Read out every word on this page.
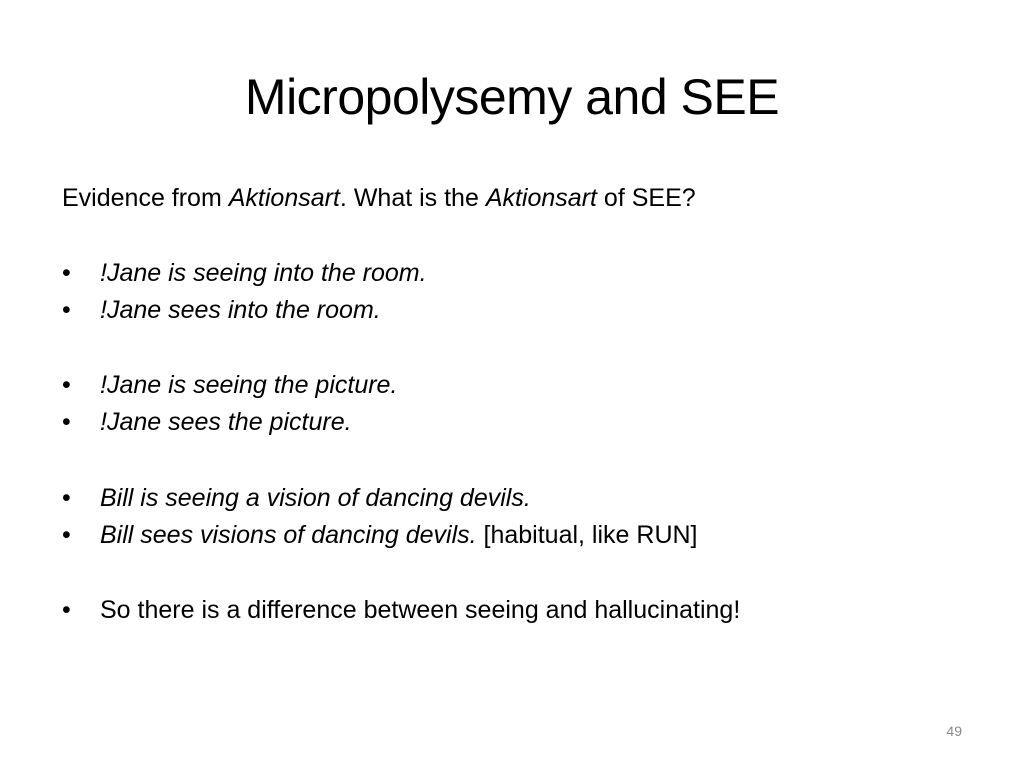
Micropolysemy and SEE
Evidence from Aktionsart. What is the Aktionsart of SEE?
•	!Jane is seeing into the room.
•	!Jane sees into the room.
•	!Jane is seeing the picture.
•	!Jane sees the picture.
•	Bill is seeing a vision of dancing devils.
•	Bill sees visions of dancing devils. [habitual, like RUN]
•	So there is a difference between seeing and hallucinating!
49
